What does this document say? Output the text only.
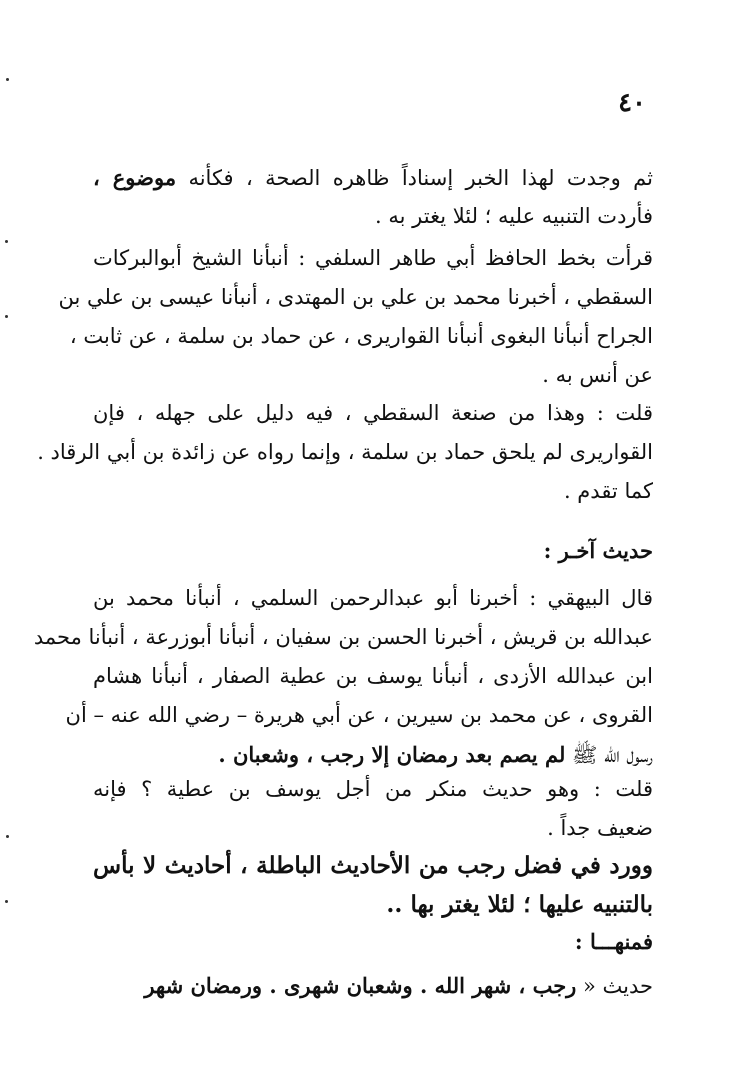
٤٠
ثم وجدت لهذا الخبر إسناداً ظاهره الصحة ، فكأنه موضوع ،
فأردت التنبيه عليه ؛ لئلا يغتر به .
قرأت بخط الحافظ أبي طاهر السلفي : أنبأنا الشيخ أبوالبركات
السقطي ، أخبرنا محمد بن علي بن المهتدى ، أنبأنا عيسى بن علي بن
الجراح أنبأنا البغوى أنبأنا القواريرى ، عن حماد بن سلمة ، عن ثابت ،
عن أنس به .
قلت : وهذا من صنعة السقطي ، فيه دليل على جهله ، فإن
القواريرى لم يلحق حماد بن سلمة ، وإنما رواه عن زائدة بن أبي الرقاد .
كما تقدم .
حديث آخـر :
قال البيهقي : أخبرنا أبو عبدالرحمن السلمي ، أنبأنا محمد بن
عبدالله بن قريش ، أخبرنا الحسن بن سفيان ، أنبأنا أبوزرعة ، أنبأنا محمد
ابن عبدالله الأزدى ، أنبأنا يوسف بن عطية الصفار ، أنبأنا هشام
القروى ، عن محمد بن سيرين ، عن أبي هريرة – رضي الله عنه – أن
رسول الله ﷺ لم يصم بعد رمضان إلا رجب ، وشعبان .
قلت : وهو حديث منكر من أجل يوسف بن عطية ؟ فإنه
ضعيف جداً .
وورد في فضل رجب من الأحاديث الباطلة ، أحاديث لا بأس
بالتنبيه عليها ؛ لئلا يغتر بها ..
فمنهـــا :
حديث « رجب ، شهر الله . وشعبان شهرى . ورمضان شهر
